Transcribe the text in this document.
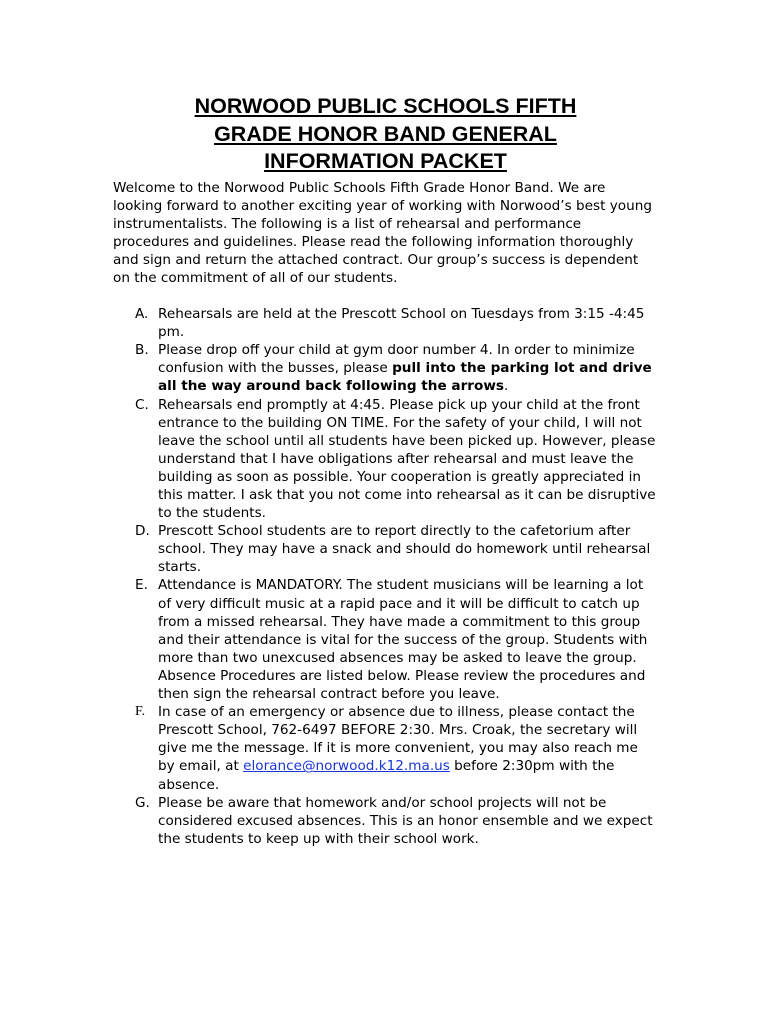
NORWOOD PUBLIC SCHOOLS FIFTH
GRADE HONOR BAND GENERAL
INFORMATION PACKET

Welcome to the Norwood Public Schools Fifth Grade Honor Band. We are looking forward to another exciting year of working with Norwood’s best young instrumentalists. The following is a list of rehearsal and performance procedures and guidelines. Please read the following information thoroughly and sign and return the attached contract. Our group’s success is dependent on the commitment of all of our students.

A. Rehearsals are held at the Prescott School on Tuesdays from 3:15 -4:45 pm.
B. Please drop off your child at gym door number 4. In order to minimize confusion with the busses, please pull into the parking lot and drive all the way around back following the arrows.
C. Rehearsals end promptly at 4:45. Please pick up your child at the front entrance to the building ON TIME. For the safety of your child, I will not leave the school until all students have been picked up. However, please understand that I have obligations after rehearsal and must leave the building as soon as possible. Your cooperation is greatly appreciated in this matter. I ask that you not come into rehearsal as it can be disruptive to the students.
D. Prescott School students are to report directly to the cafetorium after school. They may have a snack and should do homework until rehearsal starts.
E. Attendance is MANDATORY. The student musicians will be learning a lot of very difficult music at a rapid pace and it will be difficult to catch up from a missed rehearsal. They have made a commitment to this group and their attendance is vital for the success of the group. Students with more than two unexcused absences may be asked to leave the group. Absence Procedures are listed below. Please review the procedures and then sign the rehearsal contract before you leave.
F. In case of an emergency or absence due to illness, please contact the Prescott School, 762-6497 BEFORE 2:30. Mrs. Croak, the secretary will give me the message. If it is more convenient, you may also reach me by email, at elorance@norwood.k12.ma.us before 2:30pm with the absence.
G. Please be aware that homework and/or school projects will not be considered excused absences. This is an honor ensemble and we expect the students to keep up with their school work.
